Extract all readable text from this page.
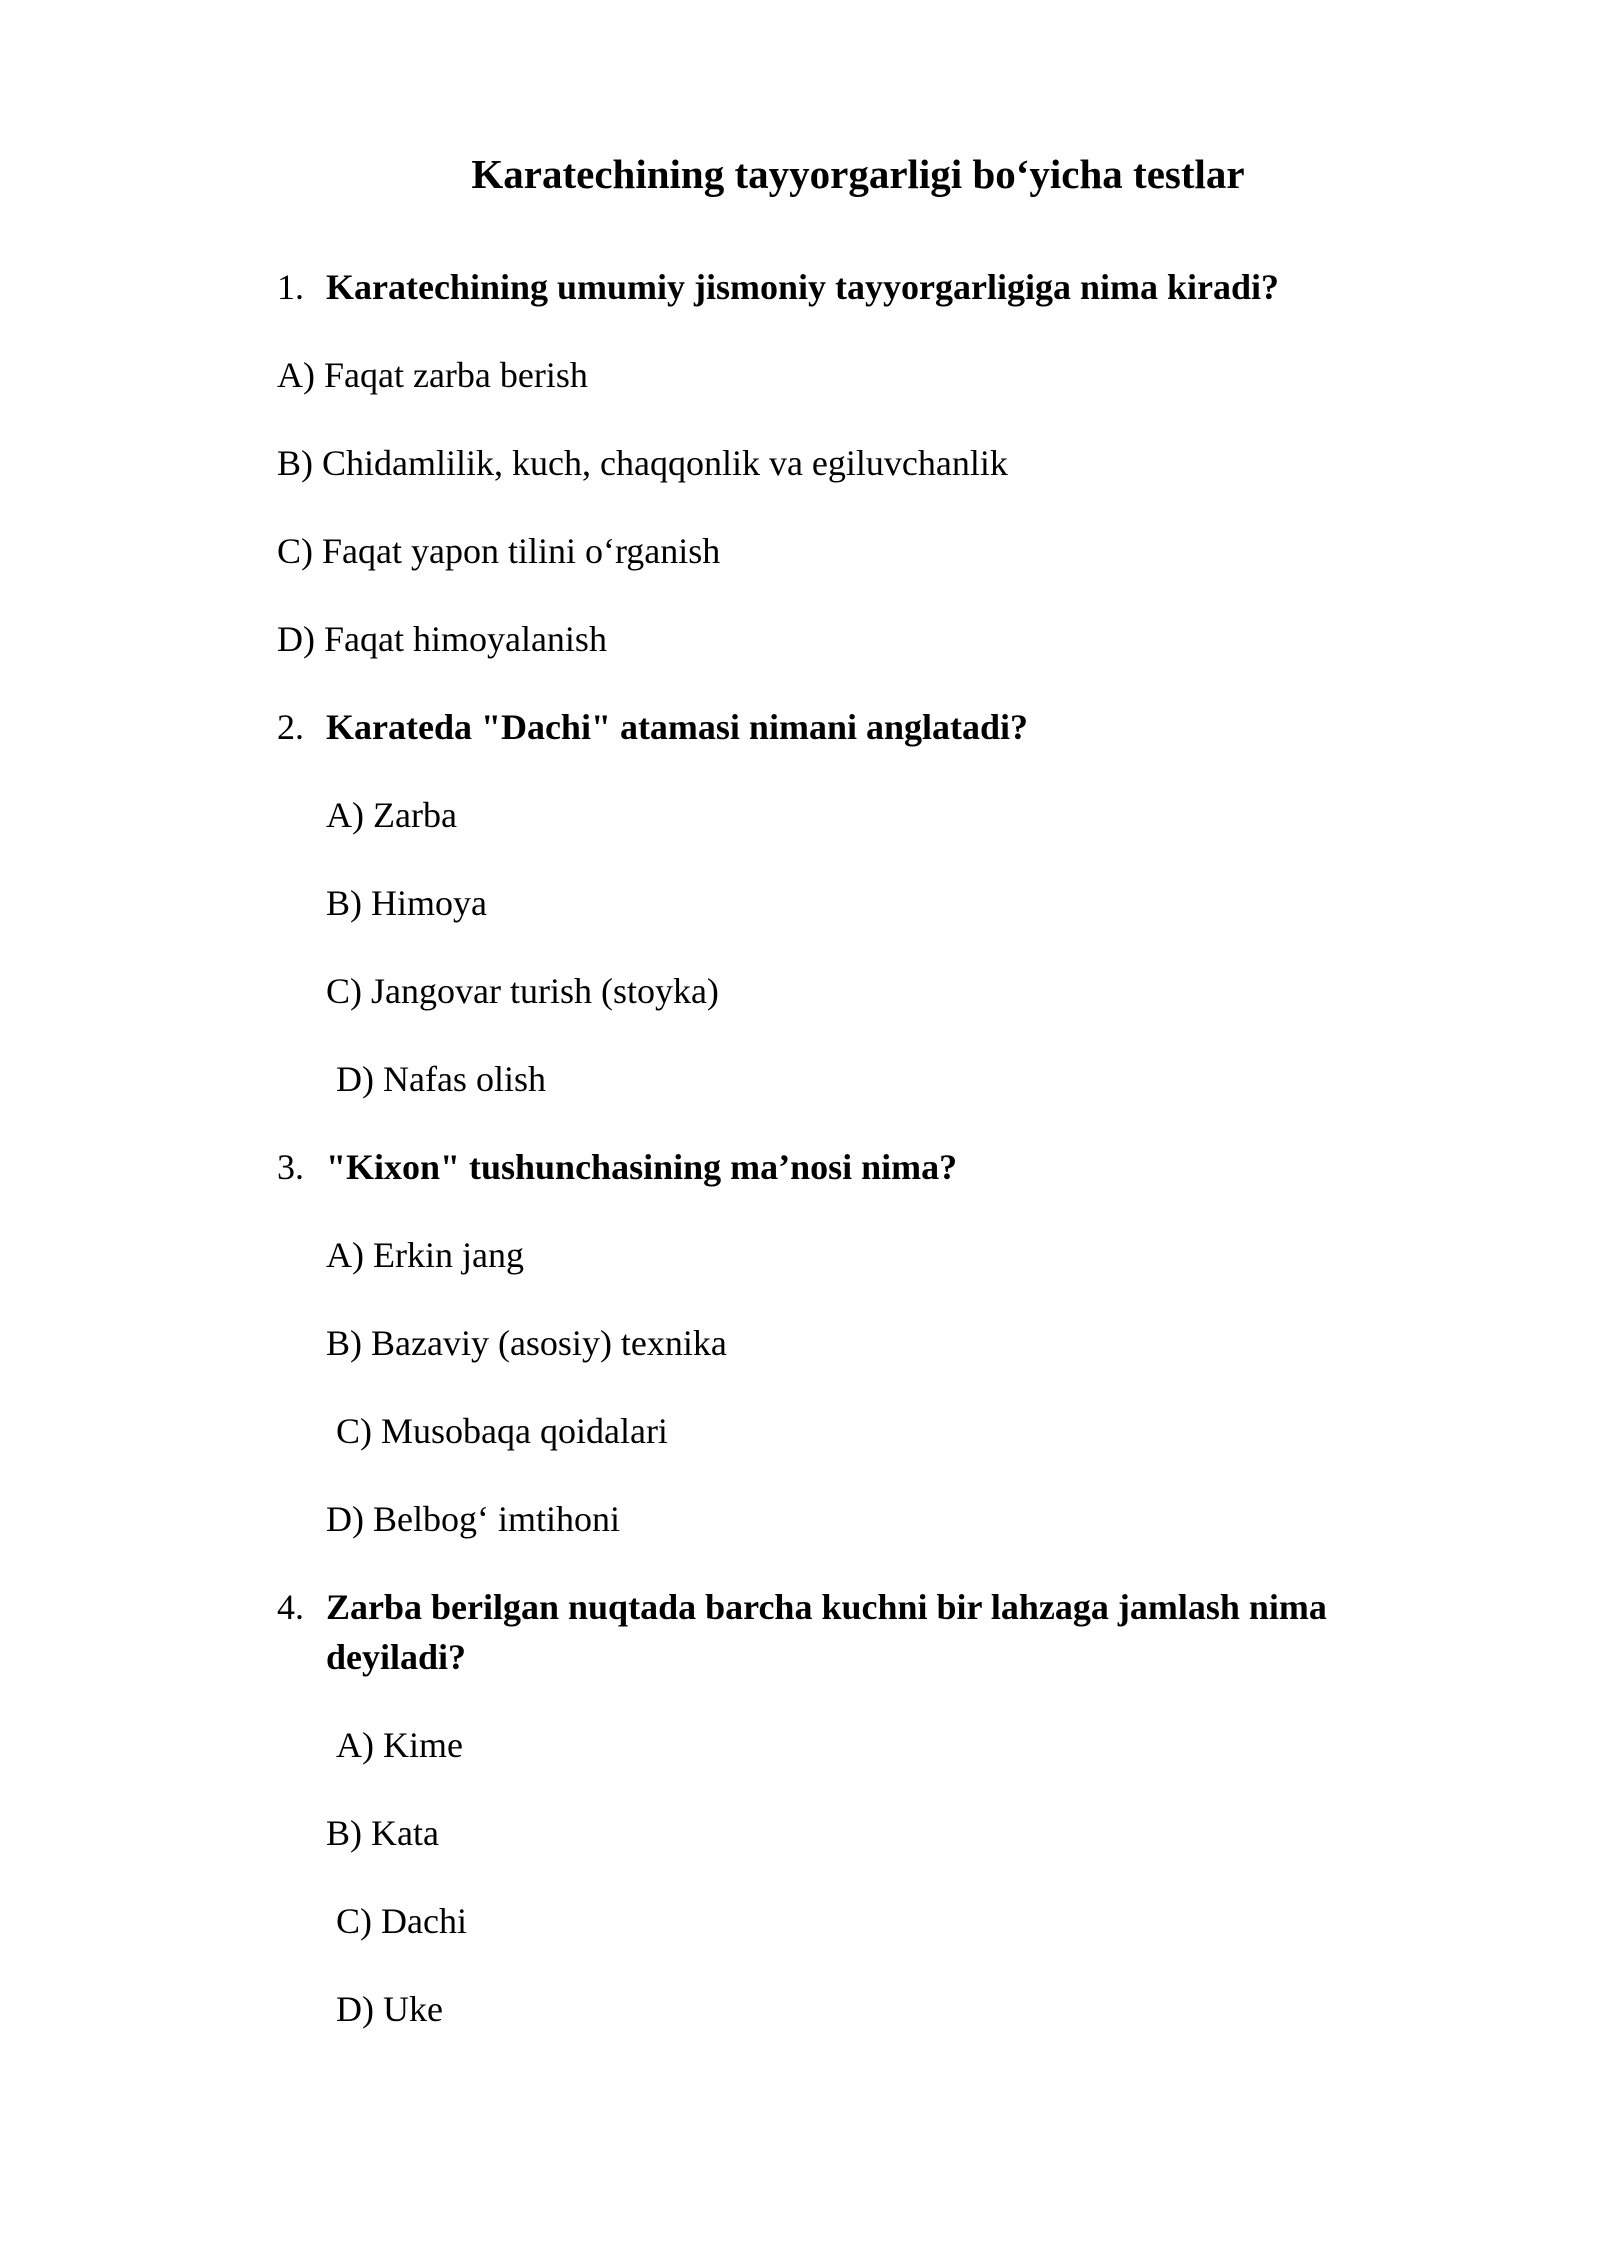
Karatechining tayyorgarligi bo‘yicha testlar
1. Karatechining umumiy jismoniy tayyorgarligiga nima kiradi?
A) Faqat zarba berish
B) Chidamlilik, kuch, chaqqonlik va egiluvchanlik
C) Faqat yapon tilini o‘rganish
D) Faqat himoyalanish
2. Karateda "Dachi" atamasi nimani anglatadi?
A) Zarba
B) Himoya
C) Jangovar turish (stoyka)
D) Nafas olish
3. "Kixon" tushunchasining ma’nosi nima?
A) Erkin jang
B) Bazaviy (asosiy) texnika
C) Musobaqa qoidalari
D) Belbog‘ imtihoni
4. Zarba berilgan nuqtada barcha kuchni bir lahzaga jamlash nima deyiladi?
A) Kime
B) Kata
C) Dachi
D) Uke
